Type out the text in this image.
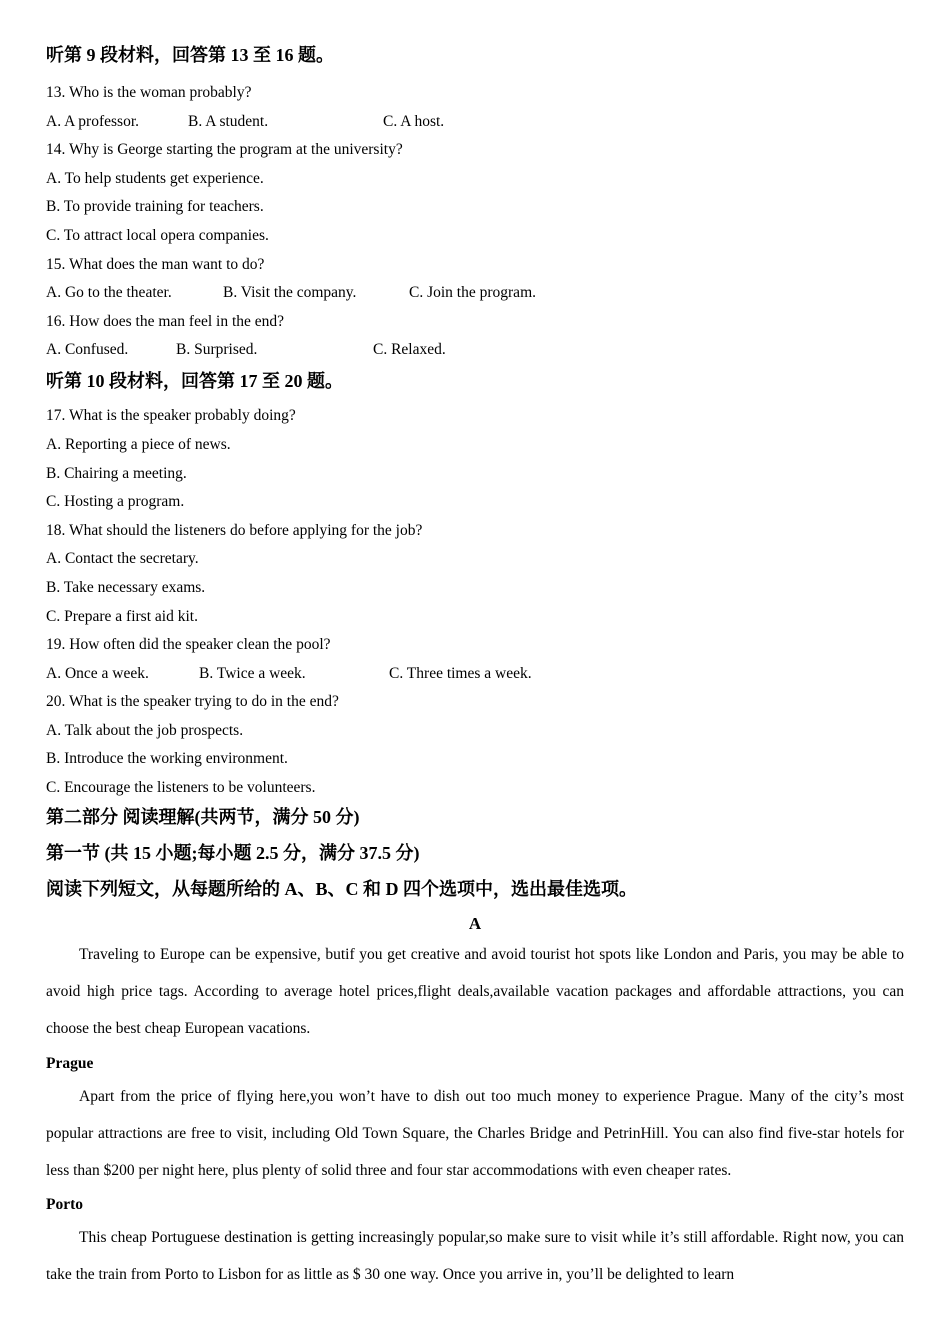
听第 9 段材料，回答第 13 至 16 题。

13. Who is the woman probably?

A. A professor.	B. A student.	C. A host.

14. Why is George starting the program at the university?

A. To help students get experience.

B. To provide training for teachers.

C. To attract local opera companies.

15. What does the man want to do?

A. Go to the theater.	B. Visit the company.	C. Join the program.

16. How does the man feel in the end?

A. Confused.	B. Surprised.	C. Relaxed.

听第 10 段材料，回答第 17 至 20 题。

17. What is the speaker probably doing?

A. Reporting a piece of news.

B. Chairing a meeting.

C. Hosting a program.

18. What should the listeners do before applying for the job?

A. Contact the secretary.

B. Take necessary exams.

C. Prepare a first aid kit.

19. How often did the speaker clean the pool?

A. Once a week.	B. Twice a week.	C. Three times a week.

20. What is the speaker trying to do in the end?

A. Talk about the job prospects.

B. Introduce the working environment.

C. Encourage the listeners to be volunteers.

第二部分 阅读理解(共两节，满分 50 分)

第一节 (共 15 小题;每小题 2.5 分，满分 37.5 分)

阅读下列短文，从每题所给的 A、B、C 和 D 四个选项中，选出最佳选项。

A

Traveling to Europe can be expensive, butif you get creative and avoid tourist hot spots like London and Paris, you may be able to avoid high price tags. According to average hotel prices,flight deals,available vacation packages and affordable attractions, you can choose the best cheap European vacations.

Prague

Apart from the price of flying here,you won’t have to dish out too much money to experience Prague. Many of the city’s most popular attractions are free to visit, including Old Town Square, the Charles Bridge and PetrinHill. You can also find five-star hotels for less than $200 per night here, plus plenty of solid three and four star accommodations with even cheaper rates.

Porto

This cheap Portuguese destination is getting increasingly popular,so make sure to visit while it’s still affordable. Right now, you can take the train from Porto to Lisbon for as little as $ 30 one way. Once you arrive in, you’ll be delighted to learn
